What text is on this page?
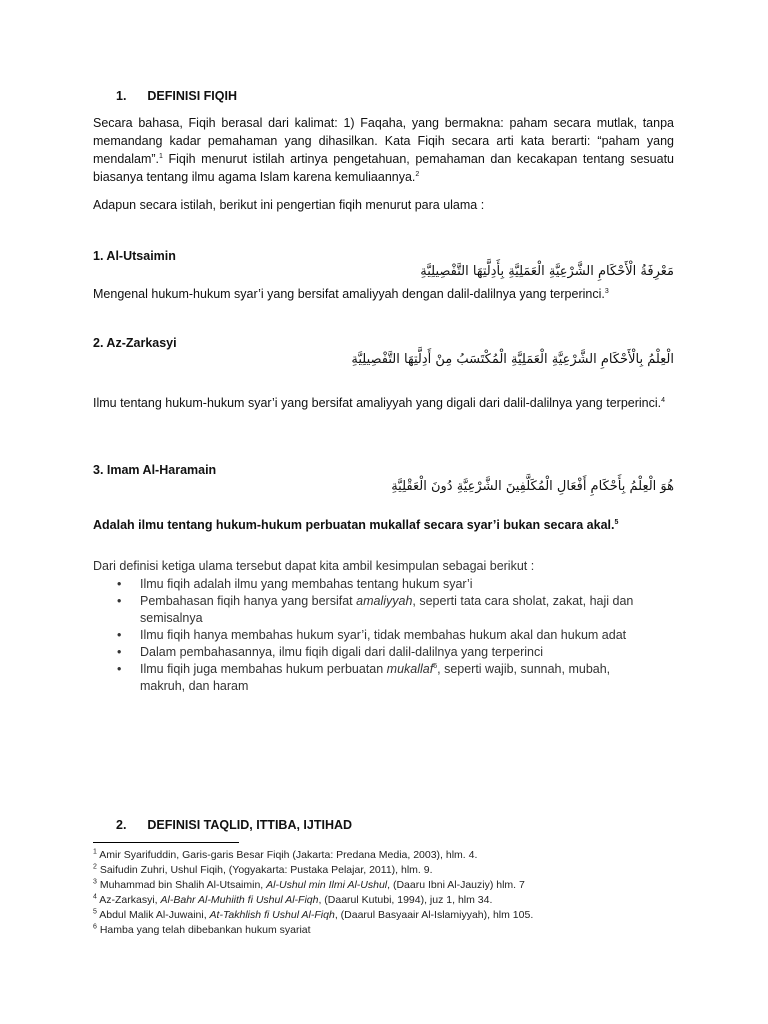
1. DEFINISI FIQIH
Secara bahasa, Fiqih berasal dari kalimat: 1) Faqaha, yang bermakna: paham secara mutlak, tanpa memandang kadar pemahaman yang dihasilkan. Kata Fiqih secara arti kata berarti: “paham yang mendalam”.$^1$ Fiqih menurut istilah artinya pengetahuan, pemahaman dan kecakapan tentang sesuatu biasanya tentang ilmu agama Islam karena kemuliaannya.$^2$
Adapun secara istilah, berikut ini pengertian fiqih menurut para ulama :
1. Al-Utsaimin
مَعْرِفَةُ الْأَحْكَامِ الشَّرْعِيَّةِ الْعَمَلِيَّةِ بِأَدِلَّتِهَا التَّفْصِيلِيَّةِ
Mengenal hukum-hukum syar’i yang bersifat amaliyyah dengan dalil-dalilnya yang terperinci.$^3$
2. Az-Zarkasyi
الْعِلْمُ بِالْأَحْكَامِ الشَّرْعِيَّةِ الْعَمَلِيَّةِ الْمُكْتَسَبُ مِنْ أَدِلَّتِهَا التَّفْصِيلِيَّةِ
Ilmu tentang hukum-hukum syar’i yang bersifat amaliyyah yang digali dari dalil-dalilnya yang terperinci.$^4$
3. Imam Al-Haramain
هُوَ الْعِلْمُ بِأَحْكَامِ أَفْعَالِ الْمُكَلَّفِينَ الشَّرْعِيَّةِ دُونَ الْعَقْلِيَّةِ
Adalah ilmu tentang hukum-hukum perbuatan mukallaf secara syar’i bukan secara akal.$^5$
Dari definisi ketiga ulama tersebut dapat kita ambil kesimpulan sebagai berikut :
• Ilmu fiqih adalah ilmu yang membahas tentang hukum syar’i
• Pembahasan fiqih hanya yang bersifat amaliyyah, seperti tata cara sholat, zakat, haji dan semisalnya
• Ilmu fiqih hanya membahas hukum syar’i, tidak membahas hukum akal dan hukum adat
• Dalam pembahasannya, ilmu fiqih digali dari dalil-dalilnya yang terperinci
• Ilmu fiqih juga membahas hukum perbuatan mukallaf$^6$, seperti wajib, sunnah, mubah, makruh, dan haram
2. DEFINISI TAQLID, ITTIBA, IJTIHAD
$^1$ Amir Syarifuddin, Garis-garis Besar Fiqih (Jakarta: Predana Media, 2003), hlm. 4.
$^2$ Saifudin Zuhri, Ushul Fiqih, (Yogyakarta: Pustaka Pelajar, 2011), hlm. 9.
$^3$ Muhammad bin Shalih Al-Utsaimin, Al-Ushul min Ilmi Al-Ushul, (Daaru Ibni Al-Jauziy) hlm. 7
$^4$ Az-Zarkasyi, Al-Bahr Al-Muhiith fi Ushul Al-Fiqh, (Daarul Kutubi, 1994), juz 1, hlm 34.
$^5$ Abdul Malik Al-Juwaini, At-Takhlish fi Ushul Al-Fiqh, (Daarul Basyaair Al-Islamiyyah), hlm 105.
$^6$ Hamba yang telah dibebankan hukum syariat
